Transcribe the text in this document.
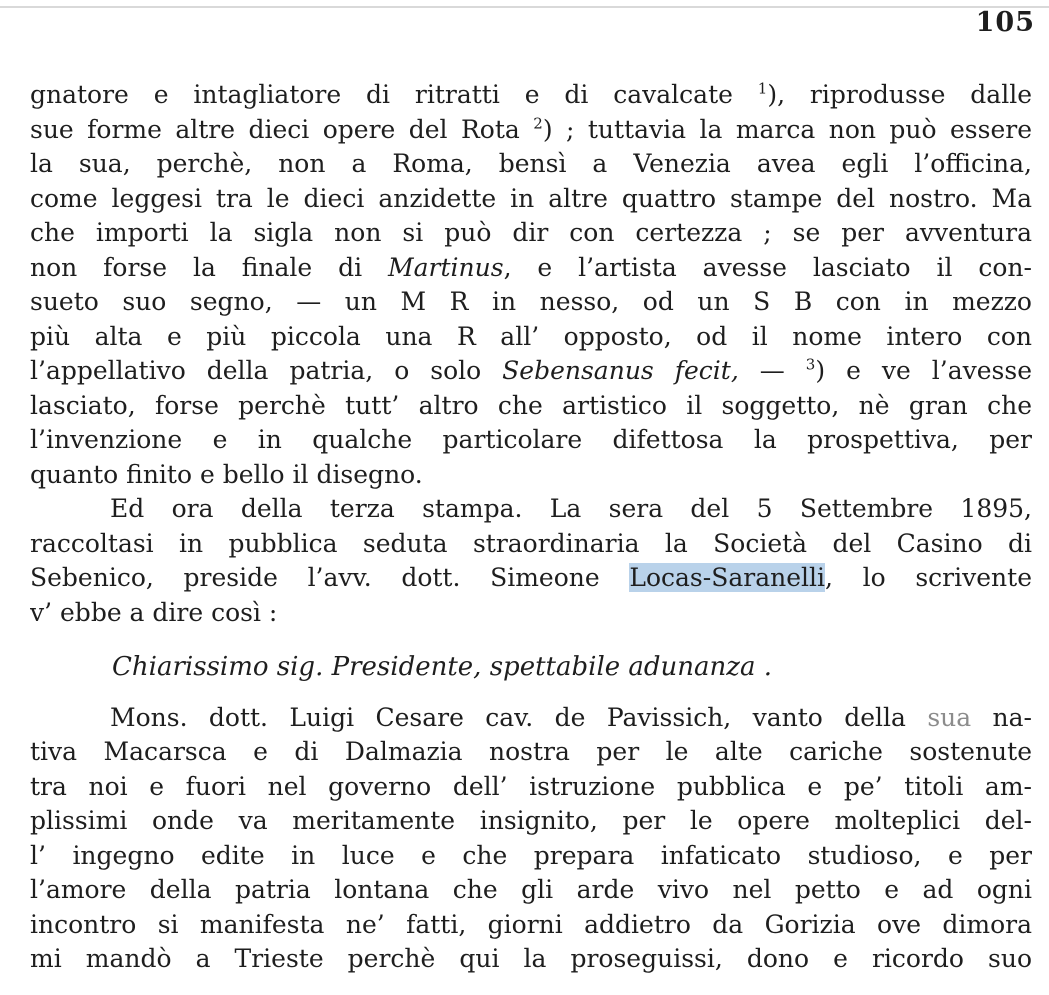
105
gnatore e intagliatore di ritratti e di cavalcate $^1$), riprodusse dalle
sue forme altre dieci opere del Rota $^2$) ; tuttavia la marca non può essere
la sua, perchè, non a Roma, bensì a Venezia avea egli l’officina,
come leggesi tra le dieci anzidette in altre quattro stampe del nostro. Ma
che importi la sigla non si può dir con certezza ; se per avventura
non forse la finale di Martinus, e l’artista avesse lasciato il con-
sueto suo segno, — un M R in nesso, od un S B con in mezzo
più alta e più piccola una R all’ opposto, od il nome intero con
l’appellativo della patria, o solo Sebensanus fecit, — $^3$) e ve l’avesse
lasciato, forse perchè tutt’ altro che artistico il soggetto, nè gran che
l’invenzione e in qualche particolare difettosa la prospettiva, per
quanto finito e bello il disegno.
Ed ora della terza stampa. La sera del 5 Settembre 1895,
raccoltasi in pubblica seduta straordinaria la Società del Casino di
Sebenico, preside l’avv. dott. Simeone Locas-Saranelli, lo scrivente
v’ ebbe a dire così :
Chiarissimo sig. Presidente, spettabile adunanza .
Mons. dott. Luigi Cesare cav. de Pavissich, vanto della sua na-
tiva Macarsca e di Dalmazia nostra per le alte cariche sostenute
tra noi e fuori nel governo dell’ istruzione pubblica e pe’ titoli am-
plissimi onde va meritamente insignito, per le opere molteplici del-
l’ ingegno edite in luce e che prepara infaticato studioso, e per
l’amore della patria lontana che gli arde vivo nel petto e ad ogni
incontro si manifesta ne’ fatti, giorni addietro da Gorizia ove dimora
mi mandò a Trieste perchè qui la proseguissi, dono e ricordo suo
